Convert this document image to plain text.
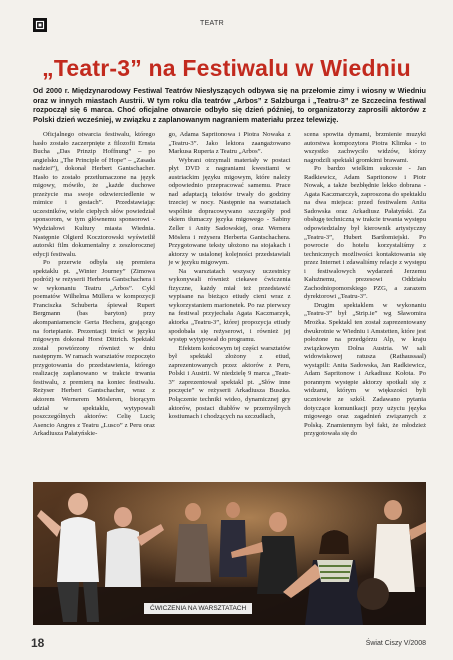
TEATR
„Teatr-3” na Festiwalu w Wiedniu

Od 2000 r. Międzynarodowy Festiwal Teatrów Niesłyszących odbywa się na przełomie zimy i wiosny w Wiedniu oraz w innych miastach Austrii. W tym roku dla teatrów „Arbos” z Salzburga i „Teatru-3” ze Szczecina festiwal rozpoczął się 6 marca. Choć oficjalne otwarcie odbyło się dzień później, to organizatorzy zaprosili aktorów z Polski dzień wcześniej, w związku z zaplanowanym nagraniem materiału przez telewizję.

Oficjalnego otwarcia festiwalu, którego hasło zostało zaczerpnięte z filozofii Ernsta Bucha „Das Prinzip Hoffnung” – po angielsku „The Principle of Hope” – „Zasada nadziei”), dokonał Herbert Gantschacher. Hasło to zostało przetłumaczone na język migowy, mówiło, że „każde duchowe przeżycie ma swoje odzwierciedlenie w mimice i gestach”. Przedstawiając uczestników, wiele ciepłych słów powiedział sponsorom, w tym głównemu sponsorowi - Wydziałowi Kultury miasta Wiednia. Następnie Olgierd Kocztorowski wyświetlił autorski film dokumentalny z zeszłorocznej edycji festiwalu.

Po przerwie odbyła się premiera spektaklu pt. „Winter Journey” (Zimowa podróż) w reżyserii Herberta Gantschachera i w wykonaniu Teatru „Arbos”. Cykl poematów Wilhelma Müllera w kompozycji Franciszka Schuberta śpiewał Rupert Bergmann (bas baryton) przy akompaniamencie Gerta Hechera, grającego na fortepianie. Prezentacji treści w języku migowym dokonał Horst Dittrich. Spektakl został powtórzony również w dniu następnym. W ramach warsztatów rozpoczęto przygotowania do przedstawienia, którego realizację zaplanowano w trakcie trwania festiwalu, z premierą na koniec festiwalu. Reżyser Herbert Gantschacher, wraz z aktorem Wernerem Mösleren, biorącym udział w spektaklu, wytypowali poszczególnych aktorów: Celię Luciç Asencio Angres z Teatru „Lusco” z Peru oraz Arkadiusza Pałatyńskie-

go, Adama Sapritonowa i Piotra Nowaka z „Teatru-3”. Jako lektora zaangażowano Markusa Ruperta z Teatru „Arbos”.

Wybrani otrzymali materiały w postaci płyt DVD z nagraniami kwestiami w austriackim języku migowym, które należy odpowiednio przepracować samemu. Prace nad adaptacją tekstów trwały do godziny trzeciej w nocy. Następnie na warsztatach wspólnie dopracowywano szczegóły pod okiem tłumaczy języka migowego - Sabiny Zeller i Anity Sadowskiej, oraz Wernera Möslera i reżysera Herberta Gantschachera. Przygotowane teksty ułożono na stojakach i aktorzy w ustalonej kolejności przedstawiali je w języku migowym.

Na warsztatach wszyscy uczestnicy wykonywali również ciekawe ćwiczenia fizyczne, każdy miał też przedstawić wypisane na bieżąco etiudy cieni wraz z wykorzystaniem marionetek. Po raz pierwszy na festiwal przyjechała Agata Kaczmarzyk, aktorka „Teatru-3”, której propozycja etiudy spodobała się reżyserowi, i również jej występ wytypował do programu.

Efektem końcowym tej części warsztatów był spektakl złożony z etiud, zaprezentowanych przez aktorów z Peru, Polski i Austrii. W niedzielę 9 marca „Teatr-3” zaprezentował spektakl pt. „Słów inne poczęcie” w reżyserii Arkadiusza Buszka. Połączenie techniki wideo, dynamicznej gry aktorów, postaci diabłów w przemyślnych kostiumach i chodzących na szczudłach,

scena spowita dymami, brzmienie muzyki autorstwa kompozytora Piotra Klimka - to wszystko zachwyciło widzów, którzy nagrodzili spektakl gromkimi brawami.

Po bardzo wielkim sukcesie - Jan Radkiewicz, Adam Sapritonow i Piotr Nowak, a także bezbłędnie lekko dobrana - Agata Kaczmarczyk, zaproszona do spektaklu na dwa miejsca: przed festiwalem Anita Sadowska oraz Arkadiusz Pałatyński. Za obsługę techniczną w trakcie trwania występu odpowiedzialny był kierownik artystyczny „Teatru-3”, Hubert Bartłomiejski. Po powrocie do hotelu korzystaliśmy z technicznych możliwości kontaktowania się przez Internet i zdawaliśmy relacje z występu i festiwalowych wydarzeń Jerzemu Kałużnemu, prezesowi Oddziału Zachodniopomorskiego PZG, a zarazem dyrektorowi „Teatru-3”.

Drugim spektaklem w wykonaniu „Teatru-3” był „Strip.ie” wg Sławomira Mrożka. Spektakl ten został zaprezentowany dwukrotnie w Wiedniu i Amstetten, które jest położone na przedgórzu Alp, w kraju związkowym Dolna Austria. W sali widowiskowej ratusza (Rathaussaal) wystąpili: Anita Sadowska, Jan Radkiewicz, Adam Sapritonow i Arkadiusz Kołota. Po porannym występie aktorzy spotkali się z widzami, którym w większości byli uczniowie ze szkół. Zadawano pytania dotyczące komunikacji przy użyciu języka migowego oraz zagadnień związanych z Polską. Znamiennym był fakt, że młodzież przygotowała się do

ĆWICZENIA NA WARSZTATACH
18	Świat Ciszy V/2008
